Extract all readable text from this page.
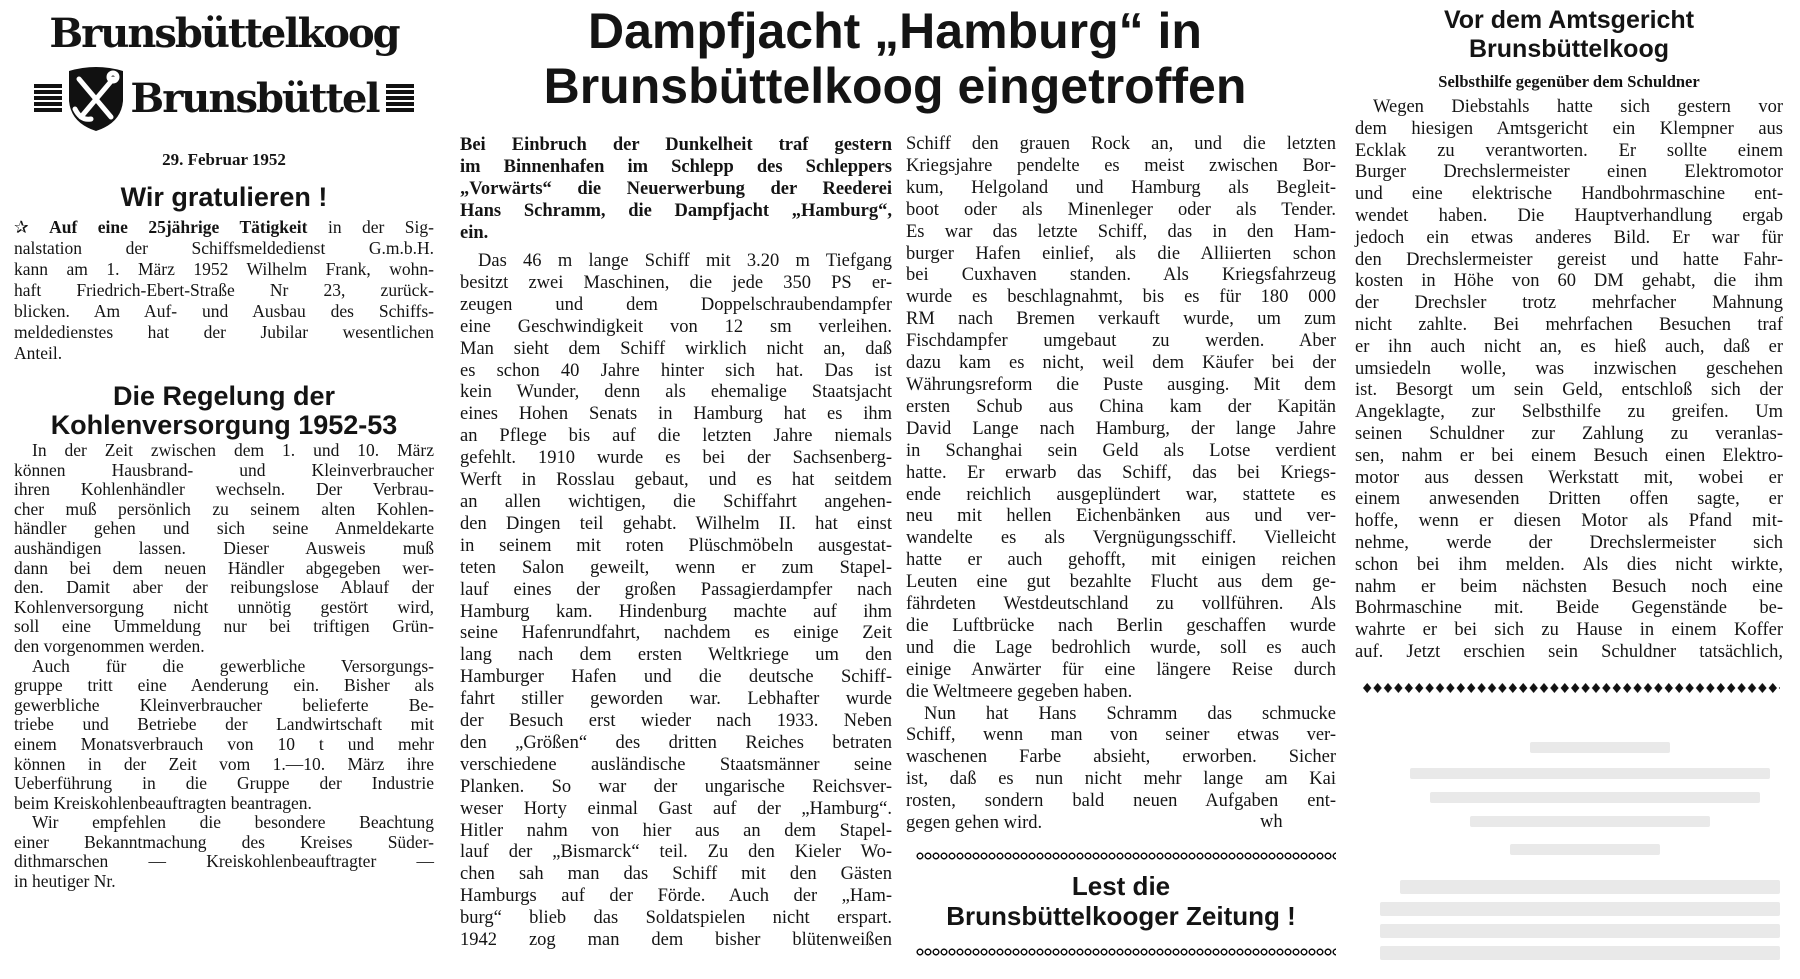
Brunsbüttelkoog
Brunsbüttel
29. Februar 1952
Wir gratulieren !
✰ Auf eine 25jährige Tätigkeit in der Sig-
nalstation der Schiffsmeldedienst G.m.b.H.
kann am 1. März 1952 Wilhelm Frank, wohn-
haft Friedrich-Ebert-Straße Nr 23, zurück-
blicken. Am Auf- und Ausbau des Schiffs-
meldedienstes hat der Jubilar wesentlichen
Anteil.
Die Regelung der
Kohlenversorgung 1952-53
In der Zeit zwischen dem 1. und 10. März
können Hausbrand- und Kleinverbraucher
ihren Kohlenhändler wechseln. Der Verbrau-
cher muß persönlich zu seinem alten Kohlen-
händler gehen und sich seine Anmeldekarte
aushändigen lassen. Dieser Ausweis muß
dann bei dem neuen Händler abgegeben wer-
den. Damit aber der reibungslose Ablauf der
Kohlenversorgung nicht unnötig gestört wird,
soll eine Ummeldung nur bei triftigen Grün-
den vorgenommen werden.
Auch für die gewerbliche Versorgungs-
gruppe tritt eine Aenderung ein. Bisher als
gewerbliche Kleinverbraucher belieferte Be-
triebe und Betriebe der Landwirtschaft mit
einem Monatsverbrauch von 10 t und mehr
können in der Zeit vom 1.—10. März ihre
Ueberführung in die Gruppe der Industrie
beim Kreiskohlenbeauftragten beantragen.
Wir empfehlen die besondere Beachtung
einer Bekanntmachung des Kreises Süder-
dithmarschen — Kreiskohlenbeauftragter —
in heutiger Nr.
Dampfjacht „Hamburg“ in
Brunsbüttelkoog eingetroffen
Bei Einbruch der Dunkelheit traf gestern
im Binnenhafen im Schlepp des Schleppers
„Vorwärts“ die Neuerwerbung der Reederei
Hans Schramm, die Dampfjacht „Hamburg“,
ein.
Das 46 m lange Schiff mit 3.20 m Tiefgang
besitzt zwei Maschinen, die jede 350 PS er-
zeugen und dem Doppelschraubendampfer
eine Geschwindigkeit von 12 sm verleihen.
Man sieht dem Schiff wirklich nicht an, daß
es schon 40 Jahre hinter sich hat. Das ist
kein Wunder, denn als ehemalige Staatsjacht
eines Hohen Senats in Hamburg hat es ihm
an Pflege bis auf die letzten Jahre niemals
gefehlt. 1910 wurde es bei der Sachsenberg-
Werft in Rosslau gebaut, und es hat seitdem
an allen wichtigen, die Schiffahrt angehen-
den Dingen teil gehabt. Wilhelm II. hat einst
in seinem mit roten Plüschmöbeln ausgestat-
teten Salon geweilt, wenn er zum Stapel-
lauf eines der großen Passagierdampfer nach
Hamburg kam. Hindenburg machte auf ihm
seine Hafenrundfahrt, nachdem es einige Zeit
lang nach dem ersten Weltkriege um den
Hamburger Hafen und die deutsche Schiff-
fahrt stiller geworden war. Lebhafter wurde
der Besuch erst wieder nach 1933. Neben
den „Größen“ des dritten Reiches betraten
verschiedene ausländische Staatsmänner seine
Planken. So war der ungarische Reichsver-
weser Horty einmal Gast auf der „Hamburg“.
Hitler nahm von hier aus an dem Stapel-
lauf der „Bismarck“ teil. Zu den Kieler Wo-
chen sah man das Schiff mit den Gästen
Hamburgs auf der Förde. Auch der „Ham-
burg“ blieb das Soldatspielen nicht erspart.
1942 zog man dem bisher blütenweißen
Schiff den grauen Rock an, und die letzten
Kriegsjahre pendelte es meist zwischen Bor-
kum, Helgoland und Hamburg als Begleit-
boot oder als Minenleger oder als Tender.
Es war das letzte Schiff, das in den Ham-
burger Hafen einlief, als die Alliierten schon
bei Cuxhaven standen. Als Kriegsfahrzeug
wurde es beschlagnahmt, bis es für 180 000
RM nach Bremen verkauft wurde, um zum
Fischdampfer umgebaut zu werden. Aber
dazu kam es nicht, weil dem Käufer bei der
Währungsreform die Puste ausging. Mit dem
ersten Schub aus China kam der Kapitän
David Lange nach Hamburg, der lange Jahre
in Schanghai sein Geld als Lotse verdient
hatte. Er erwarb das Schiff, das bei Kriegs-
ende reichlich ausgeplündert war, stattete es
neu mit hellen Eichenbänken aus und ver-
wandelte es als Vergnügungsschiff. Vielleicht
hatte er auch gehofft, mit einigen reichen
Leuten eine gut bezahlte Flucht aus dem ge-
fährdeten Westdeutschland zu vollführen. Als
die Luftbrücke nach Berlin geschaffen wurde
und die Lage bedrohlich wurde, soll es auch
einige Anwärter für eine längere Reise durch
die Weltmeere gegeben haben.
Nun hat Hans Schramm das schmucke
Schiff, wenn man von seiner etwas ver-
waschenen Farbe absieht, erworben. Sicher
ist, daß es nun nicht mehr lange am Kai
rosten, sondern bald neuen Aufgaben ent-
gegen gehen wird.	wh
Lest die
Brunsbüttelkooger Zeitung !
Vor dem Amtsgericht
Brunsbüttelkoog
Selbsthilfe gegenüber dem Schuldner
Wegen Diebstahls hatte sich gestern vor
dem hiesigen Amtsgericht ein Klempner aus
Ecklak zu verantworten. Er sollte einem
Burger Drechslermeister einen Elektromotor
und eine elektrische Handbohrmaschine ent-
wendet haben. Die Hauptverhandlung ergab
jedoch ein etwas anderes Bild. Er war für
den Drechslermeister gereist und hatte Fahr-
kosten in Höhe von 60 DM gehabt, die ihm
der Drechsler trotz mehrfacher Mahnung
nicht zahlte. Bei mehrfachen Besuchen traf
er ihn auch nicht an, es hieß auch, daß er
umsiedeln wolle, was inzwischen geschehen
ist. Besorgt um sein Geld, entschloß sich der
Angeklagte, zur Selbsthilfe zu greifen. Um
seinen Schuldner zur Zahlung zu veranlas-
sen, nahm er bei einem Besuch einen Elektro-
motor aus dessen Werkstatt mit, wobei er
einem anwesenden Dritten offen sagte, er
hoffe, wenn er diesen Motor als Pfand mit-
nehme, werde der Drechslermeister sich
schon bei ihm melden. Als dies nicht wirkte,
nahm er beim nächsten Besuch noch eine
Bohrmaschine mit. Beide Gegenstände be-
wahrte er bei sich zu Hause in einem Koffer
auf. Jetzt erschien sein Schuldner tatsächlich,
